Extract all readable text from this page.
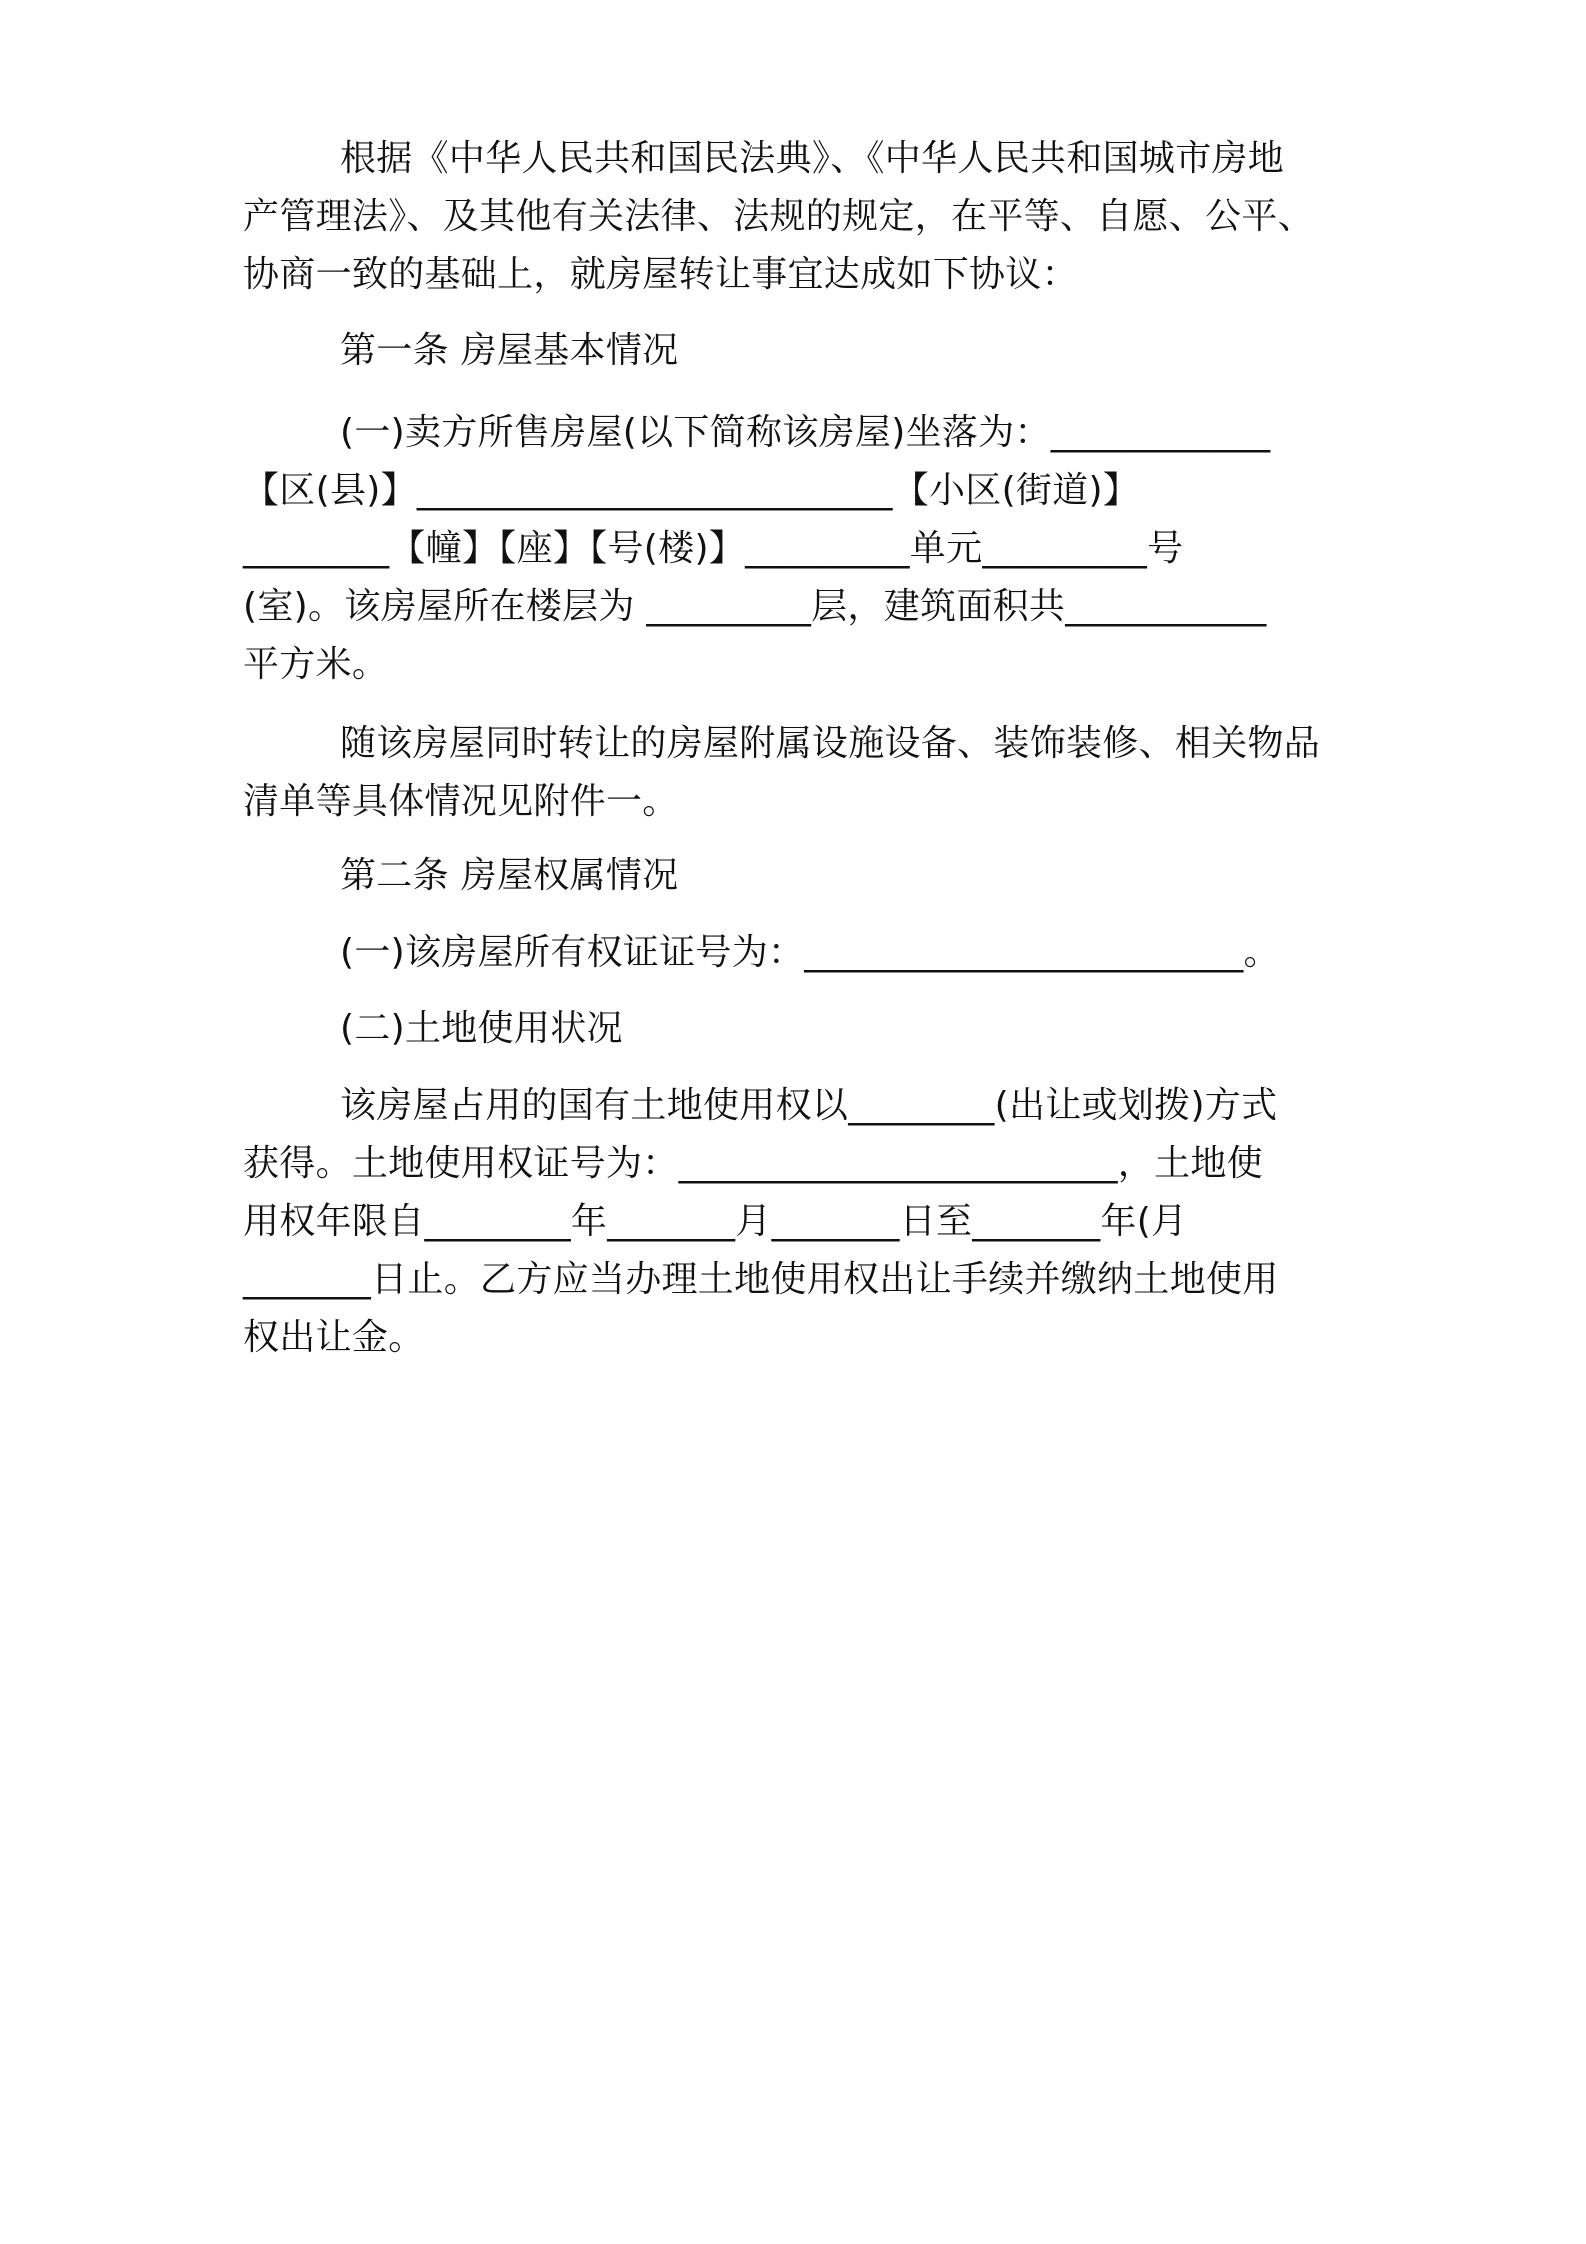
根据《中华人民共和国民法典》、《中华人民共和国城市房地
产管理法》、及其他有关法律、法规的规定，在平等、自愿、公平、
协商一致的基础上，就房屋转让事宜达成如下协议：
第一条 房屋基本情况
(一)卖方所售房屋(以下简称该房屋)坐落为：____________
【区(县)】__________________________【小区(街道)】
________【幢】【座】【号(楼)】_________单元_________号
(室)。该房屋所在楼层为 _________层，建筑面积共___________
平方米。
随该房屋同时转让的房屋附属设施设备、装饰装修、相关物品
清单等具体情况见附件一。
第二条 房屋权属情况
(一)该房屋所有权证证号为：________________________。
(二)土地使用状况
该房屋占用的国有土地使用权以________(出让或划拨)方式
获得。土地使用权证号为：________________________，土地使
用权年限自________年_______月_______日至_______年(月
_______日止。乙方应当办理土地使用权出让手续并缴纳土地使用
权出让金。
